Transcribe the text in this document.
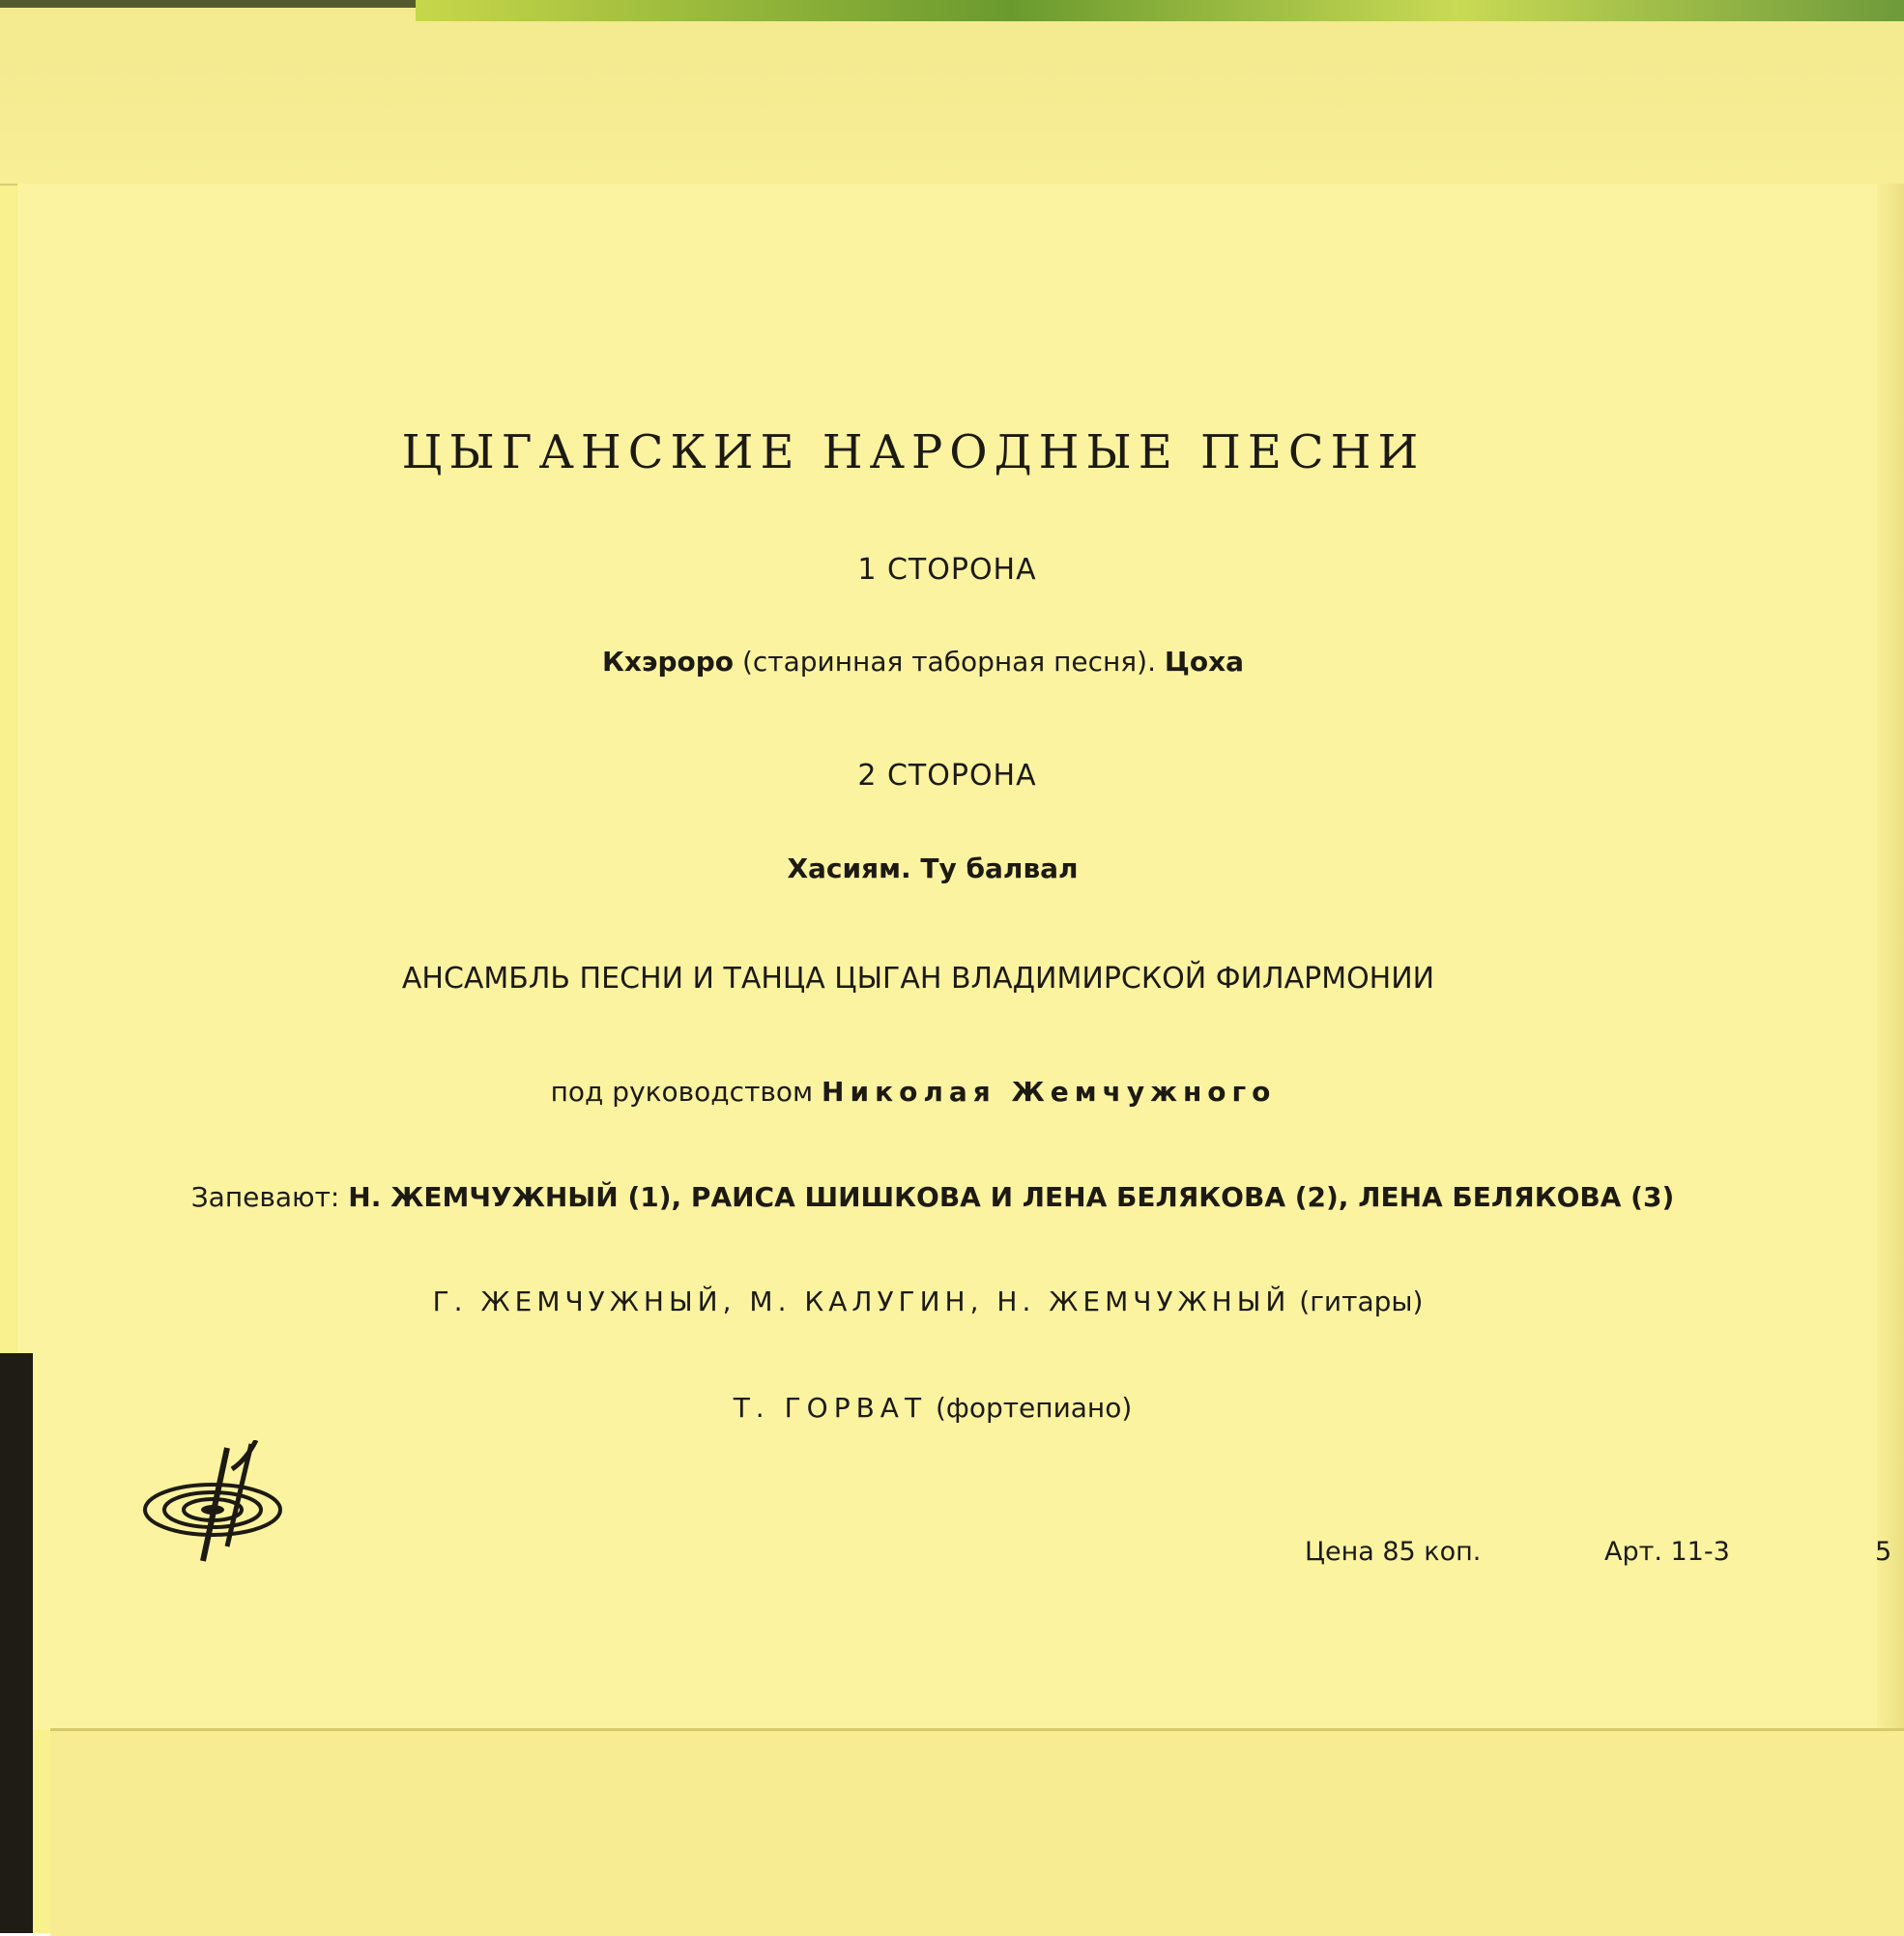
ЦЫГАНСКИЕ НАРОДНЫЕ ПЕСНИ
1 СТОРОНА
Кхэроро (старинная таборная песня). Цоха
2 СТОРОНА
Хасиям. Ту балвал
АНСАМБЛЬ ПЕСНИ И ТАНЦА ЦЫГАН ВЛАДИМИРСКОЙ ФИЛАРМОНИИ
под руководством Николая Жемчужного
Запевают: Н. ЖЕМЧУЖНЫЙ (1), РАИСА ШИШКОВА И ЛЕНА БЕЛЯКОВА (2), ЛЕНА БЕЛЯКОВА (3)
Г. ЖЕМЧУЖНЫЙ, М. КАЛУГИН, Н. ЖЕМЧУЖНЫЙ (гитары)
Т. ГОРВАТ (фортепиано)
Цена 85 коп.	Арт. 11-3	5
